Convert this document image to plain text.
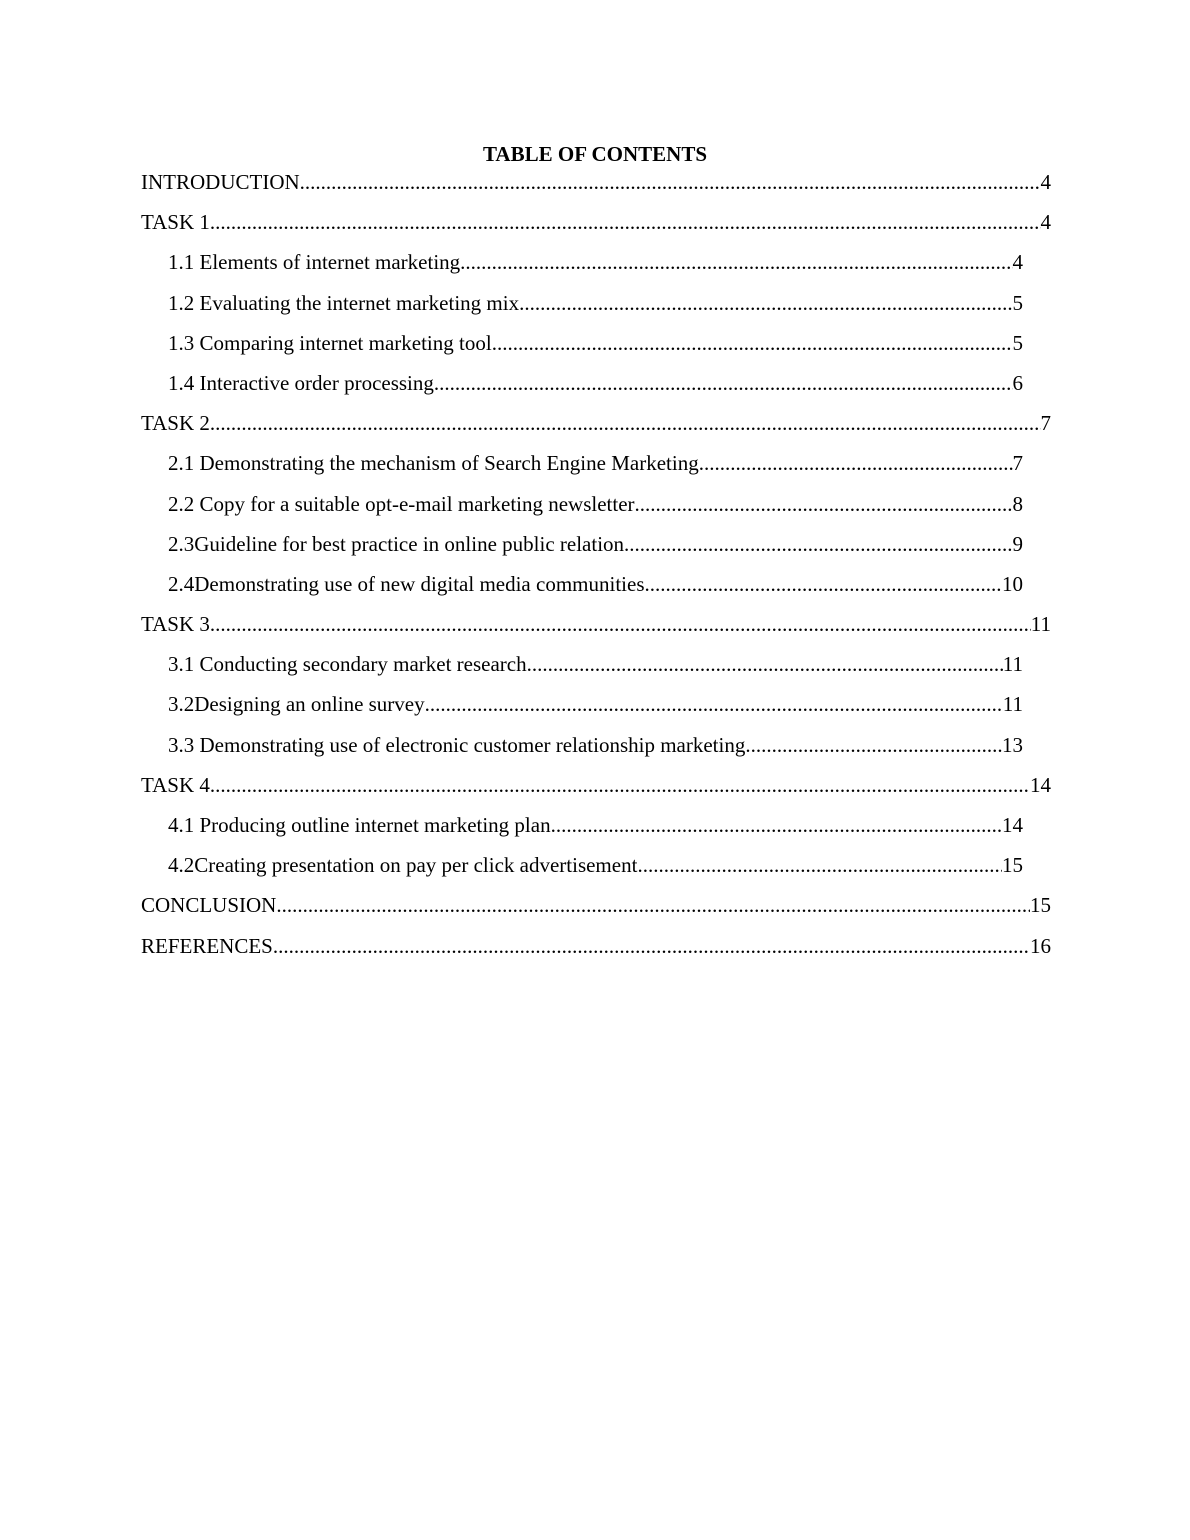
TABLE OF CONTENTS
INTRODUCTION .....	4
TASK 1 .....	4
1.1 Elements of internet marketing .....	4
1.2 Evaluating the internet marketing mix .....	5
1.3 Comparing internet marketing tool .....	5
1.4 Interactive order processing .....	6
TASK 2 .....	7
2.1 Demonstrating the mechanism of Search Engine Marketing .....	7
2.2 Copy for a suitable opt-e-mail marketing newsletter .....	8
2.3Guideline for best practice in online public relation .....	9
2.4Demonstrating use of new digital media communities .....	10
TASK 3 .....	11
3.1 Conducting secondary market research .....	11
3.2Designing an online survey .....	11
3.3 Demonstrating use of electronic customer relationship marketing .....	13
TASK 4 .....	14
4.1 Producing outline internet marketing plan .....	14
4.2Creating presentation on pay per click advertisement .....	15
CONCLUSION .....	15
REFERENCES .....	16
